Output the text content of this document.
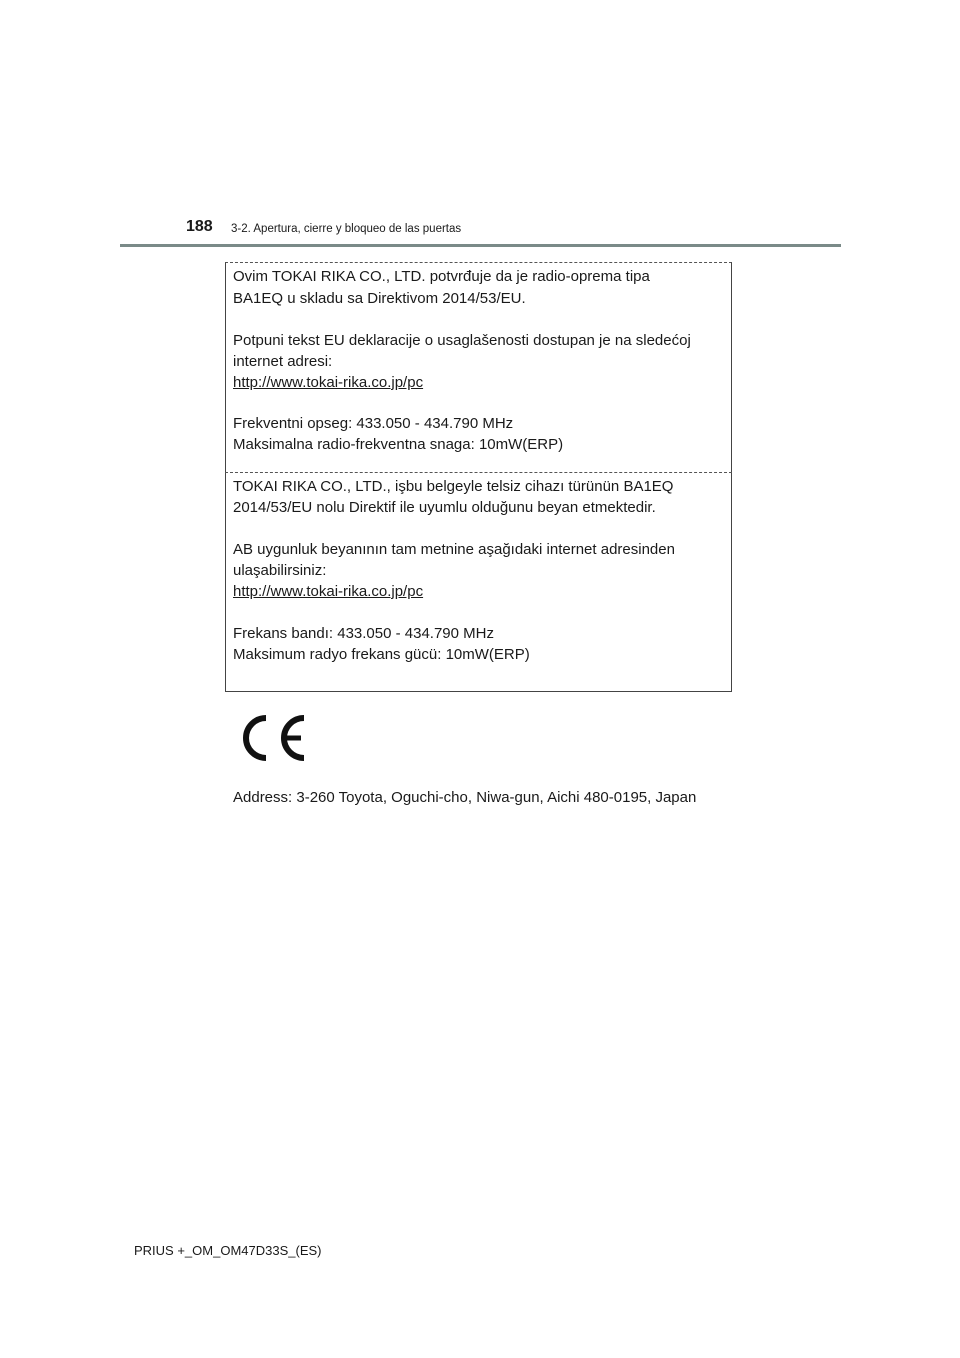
188 3-2. Apertura, cierre y bloqueo de las puertas
Ovim TOKAI RIKA CO., LTD. potvrđuje da je radio-oprema tipa
BA1EQ u skladu sa Direktivom 2014/53/EU.
Potpuni tekst EU deklaracije o usaglašenosti dostupan je na sledećoj
internet adresi:
http://www.tokai-rika.co.jp/pc
Frekventni opseg: 433.050 - 434.790 MHz
Maksimalna radio-frekventna snaga: 10mW(ERP)
TOKAI RIKA CO., LTD., işbu belgeyle telsiz cihazı türünün BA1EQ
2014/53/EU nolu Direktif ile uyumlu olduğunu beyan etmektedir.
AB uygunluk beyanının tam metnine aşağıdaki internet adresinden
ulaşabilirsiniz:
http://www.tokai-rika.co.jp/pc
Frekans bandı: 433.050 - 434.790 MHz
Maksimum radyo frekans gücü: 10mW(ERP)
Address: 3-260 Toyota, Oguchi-cho, Niwa-gun, Aichi 480-0195, Japan
PRIUS +_OM_OM47D33S_(ES)
